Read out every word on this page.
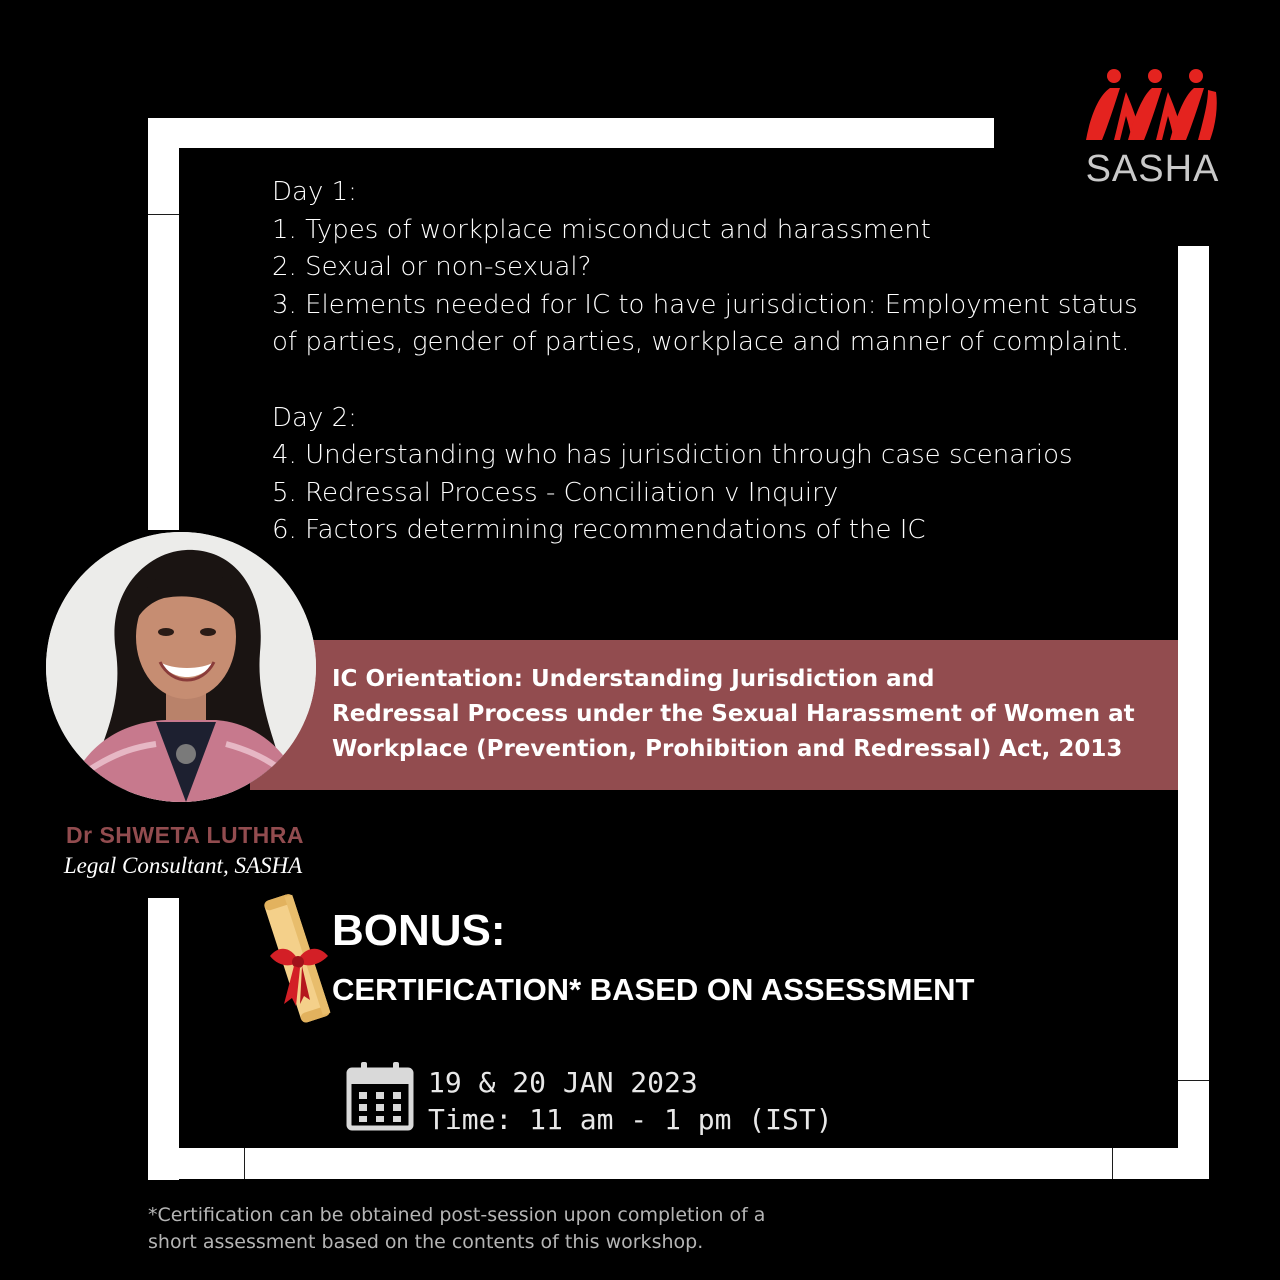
SASHA
Day 1:
1. Types of workplace misconduct and harassment
2. Sexual or non-sexual?
3. Elements needed for IC to have jurisdiction: Employment status
of parties, gender of parties, workplace and manner of complaint.
Day 2:
4. Understanding who has jurisdiction through case scenarios
5. Redressal Process - Conciliation v Inquiry
6. Factors determining recommendations of the IC
IC Orientation: Understanding Jurisdiction and
Redressal Process under the Sexual Harassment of Women at
Workplace (Prevention, Prohibition and Redressal) Act, 2013
Dr SHWETA LUTHRA
Legal Consultant, SASHA
BONUS:
CERTIFICATION* BASED ON ASSESSMENT
19 & 20 JAN 2023
Time: 11 am - 1 pm (IST)
*Certification can be obtained post-session upon completion of a
short assessment based on the contents of this workshop.
